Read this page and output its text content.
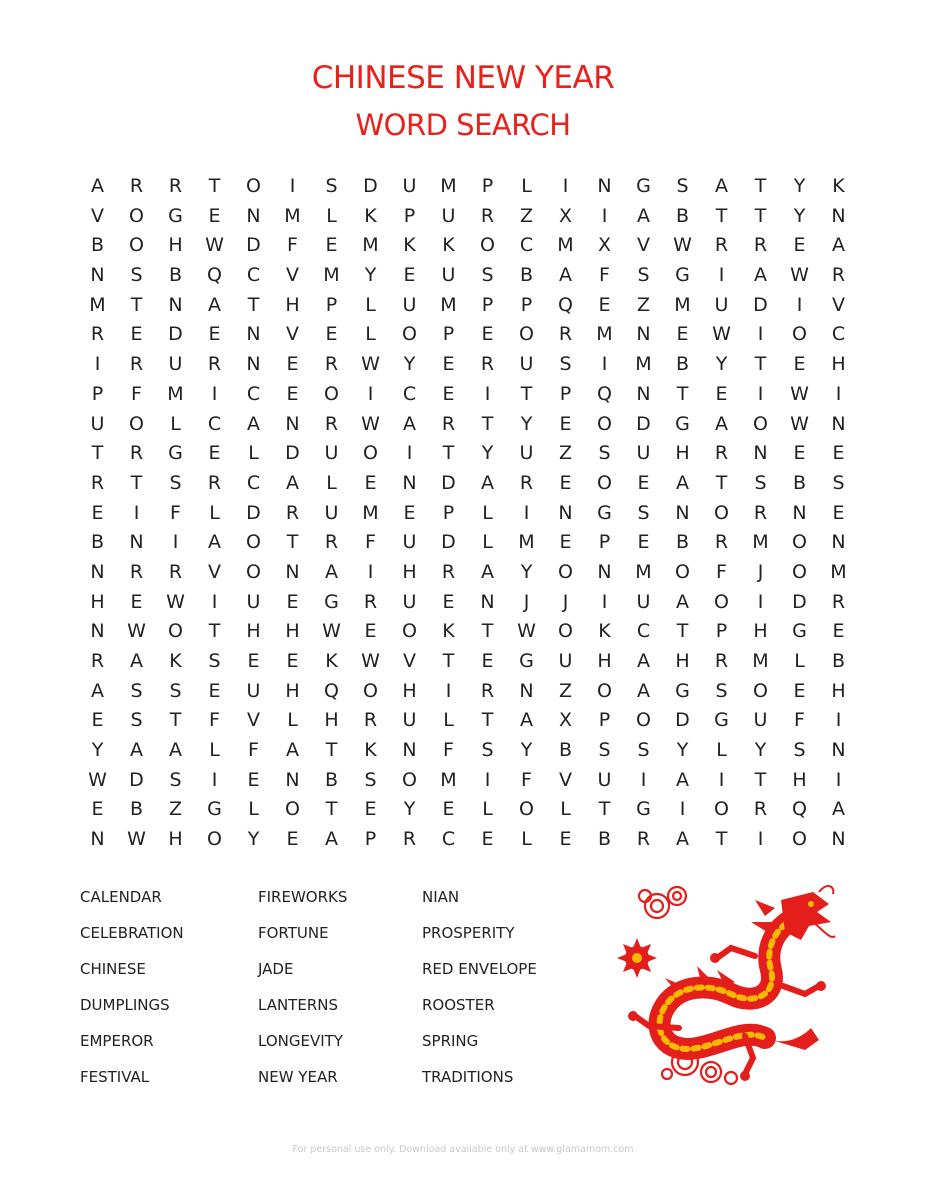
CHINESE NEW YEAR
WORD SEARCH
A	R	R	T	O	I	S	D	U	M	P	L	I	N	G	S	A	T	Y	K
V	O	G	E	N	M	L	K	P	U	R	Z	X	I	A	B	T	T	Y	N
B	O	H	W	D	F	E	M	K	K	O	C	M	X	V	W	R	R	E	A
N	S	B	Q	C	V	M	Y	E	U	S	B	A	F	S	G	I	A	W	R
M	T	N	A	T	H	P	L	U	M	P	P	Q	E	Z	M	U	D	I	V
R	E	D	E	N	V	E	L	O	P	E	O	R	M	N	E	W	I	O	C
I	R	U	R	N	E	R	W	Y	E	R	U	S	I	M	B	Y	T	E	H
P	F	M	I	C	E	O	I	C	E	I	T	P	Q	N	T	E	I	W	I
U	O	L	C	A	N	R	W	A	R	T	Y	E	O	D	G	A	O	W	N
T	R	G	E	L	D	U	O	I	T	Y	U	Z	S	U	H	R	N	E	E
R	T	S	R	C	A	L	E	N	D	A	R	E	O	E	A	T	S	B	S
E	I	F	L	D	R	U	M	E	P	L	I	N	G	S	N	O	R	N	E
B	N	I	A	O	T	R	F	U	D	L	M	E	P	E	B	R	M	O	N
N	R	R	V	O	N	A	I	H	R	A	Y	O	N	M	O	F	J	O	M
H	E	W	I	U	E	G	R	U	E	N	J	J	I	U	A	O	I	D	R
N	W	O	T	H	H	W	E	O	K	T	W	O	K	C	T	P	H	G	E
R	A	K	S	E	E	K	W	V	T	E	G	U	H	A	H	R	M	L	B
A	S	S	E	U	H	Q	O	H	I	R	N	Z	O	A	G	S	O	E	H
E	S	T	F	V	L	H	R	U	L	T	A	X	P	O	D	G	U	F	I
Y	A	A	L	F	A	T	K	N	F	S	Y	B	S	S	Y	L	Y	S	N
W	D	S	I	E	N	B	S	O	M	I	F	V	U	I	A	I	T	H	I
E	B	Z	G	L	O	T	E	Y	E	L	O	L	T	G	I	O	R	Q	A
N	W	H	O	Y	E	A	P	R	C	E	L	E	B	R	A	T	I	O	N
CALENDAR
CELEBRATION
CHINESE
DUMPLINGS
EMPEROR
FESTIVAL
FIREWORKS
FORTUNE
JADE
LANTERNS
LONGEVITY
NEW YEAR
NIAN
PROSPERITY
RED ENVELOPE
ROOSTER
SPRING
TRADITIONS
For personal use only. Download available only at www.glamamom.com
